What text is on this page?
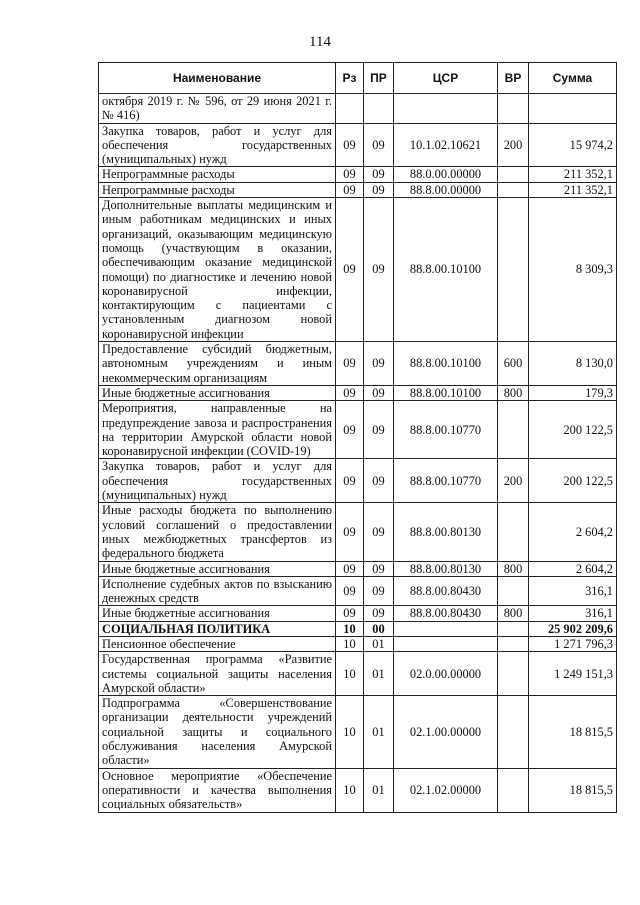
114
Наименование	Рз	ПР	ЦСР	ВР	Сумма
октября 2019 г. № 596, от 29 июня 2021 г. № 416)					
Закупка товаров, работ и услуг для обеспечения государственных (муниципальных) нужд	09	09	10.1.02.10621	200	15 974,2
Непрограммные расходы	09	09	88.0.00.00000		211 352,1
Непрограммные расходы	09	09	88.8.00.00000		211 352,1
Дополнительные выплаты медицинским и иным работникам медицинских и иных организаций, оказывающим медицинскую помощь (участвующим в оказании, обеспечивающим оказание медицинской помощи) по диагностике и лечению новой коронавирусной инфекции, контактирующим с пациентами с установленным диагнозом новой коронавирусной инфекции	09	09	88.8.00.10100		8 309,3
Предоставление субсидий бюджетным, автономным учреждениям и иным некоммерческим организациям	09	09	88.8.00.10100	600	8 130,0
Иные бюджетные ассигнования	09	09	88.8.00.10100	800	179,3
Мероприятия, направленные на предупреждение завоза и распространения на территории Амурской области новой коронавирусной инфекции (COVID-19)	09	09	88.8.00.10770		200 122,5
Закупка товаров, работ и услуг для обеспечения государственных (муниципальных) нужд	09	09	88.8.00.10770	200	200 122,5
Иные расходы бюджета по выполнению условий соглашений о предоставлении иных межбюджетных трансфертов из федерального бюджета	09	09	88.8.00.80130		2 604,2
Иные бюджетные ассигнования	09	09	88.8.00.80130	800	2 604,2
Исполнение судебных актов по взысканию денежных средств	09	09	88.8.00.80430		316,1
Иные бюджетные ассигнования	09	09	88.8.00.80430	800	316,1
СОЦИАЛЬНАЯ ПОЛИТИКА	10	00			25 902 209,6
Пенсионное обеспечение	10	01			1 271 796,3
Государственная программа «Развитие системы социальной защиты населения Амурской области»	10	01	02.0.00.00000		1 249 151,3
Подпрограмма «Совершенствование организации деятельности учреждений социальной защиты и социального обслуживания населения Амурской области»	10	01	02.1.00.00000		18 815,5
Основное мероприятие «Обеспечение оперативности и качества выполнения социальных обязательств»	10	01	02.1.02.00000		18 815,5
